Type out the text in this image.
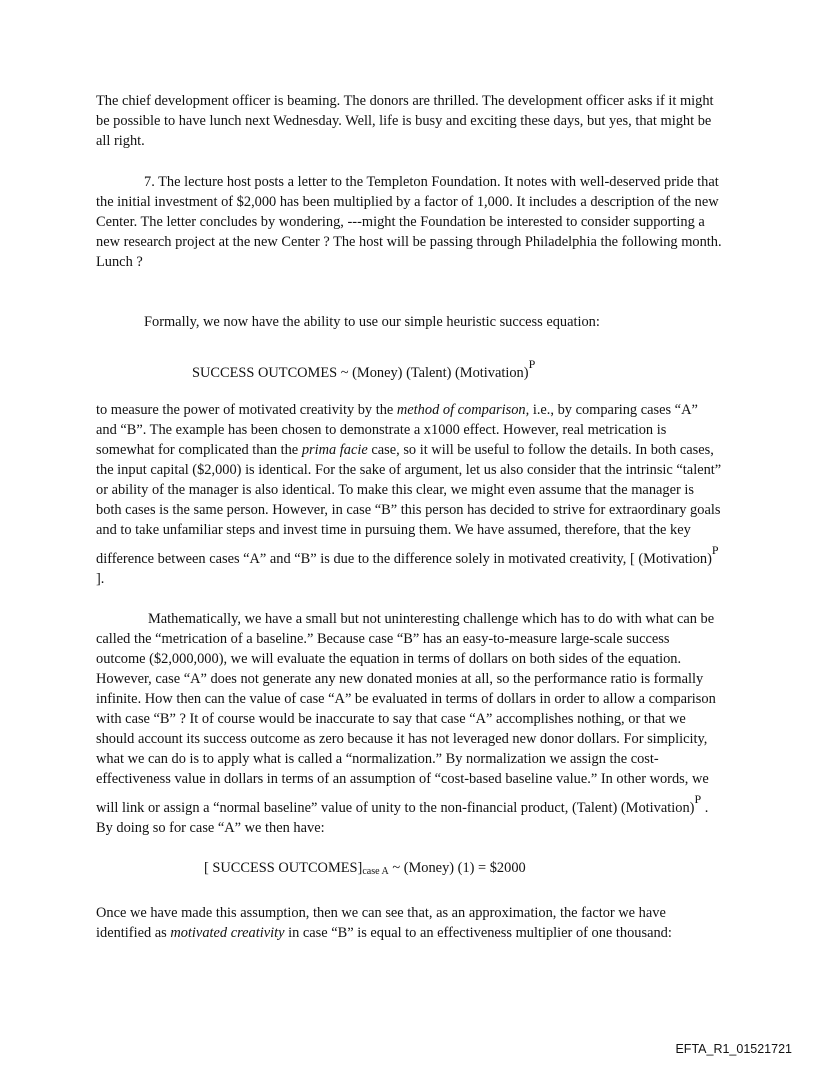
The chief development officer is beaming. The donors are thrilled. The development officer asks if it might be possible to have lunch next Wednesday. Well, life is busy and exciting these days, but yes, that might be all right.

7. The lecture host posts a letter to the Templeton Foundation. It notes with well-deserved pride that the initial investment of $2,000 has been multiplied by a factor of 1,000. It includes a description of the new Center. The letter concludes by wondering, ---might the Foundation be interested to consider supporting a new research project at the new Center ? The host will be passing through Philadelphia the following month. Lunch ?

Formally, we now have the ability to use our simple heuristic success equation:

SUCCESS OUTCOMES ~ (Money) (Talent) (Motivation)$^P$

to measure the power of motivated creativity by the method of comparison, i.e., by comparing cases “A” and “B”. The example has been chosen to demonstrate a x1000 effect. However, real metrication is somewhat for complicated than the prima facie case, so it will be useful to follow the details. In both cases, the input capital ($2,000) is identical. For the sake of argument, let us also consider that the intrinsic “talent” or ability of the manager is also identical. To make this clear, we might even assume that the manager is both cases is the same person. However, in case “B” this person has decided to strive for extraordinary goals and to take unfamiliar steps and invest time in pursuing them. We have assumed, therefore, that the key difference between cases “A” and “B” is due to the difference solely in motivated creativity, [ (Motivation)$^P$ ].

Mathematically, we have a small but not uninteresting challenge which has to do with what can be called the “metrication of a baseline.” Because case “B” has an easy-to-measure large-scale success outcome ($2,000,000), we will evaluate the equation in terms of dollars on both sides of the equation. However, case “A” does not generate any new donated monies at all, so the performance ratio is formally infinite. How then can the value of case “A” be evaluated in terms of dollars in order to allow a comparison with case “B” ? It of course would be inaccurate to say that case “A” accomplishes nothing, or that we should account its success outcome as zero because it has not leveraged new donor dollars. For simplicity, what we can do is to apply what is called a “normalization.” By normalization we assign the cost-effectiveness value in dollars in terms of an assumption of “cost-based baseline value.” In other words, we will link or assign a “normal baseline” value of unity to the non-financial product, (Talent) (Motivation)$^P$ . By doing so for case “A” we then have:

[ SUCCESS $OUTCOMES]_{case A}$ ~ (Money) (1) = $2000

Once we have made this assumption, then we can see that, as an approximation, the factor we have identified as motivated creativity in case “B” is equal to an effectiveness multiplier of one thousand:

EFTA_R1_01521721
